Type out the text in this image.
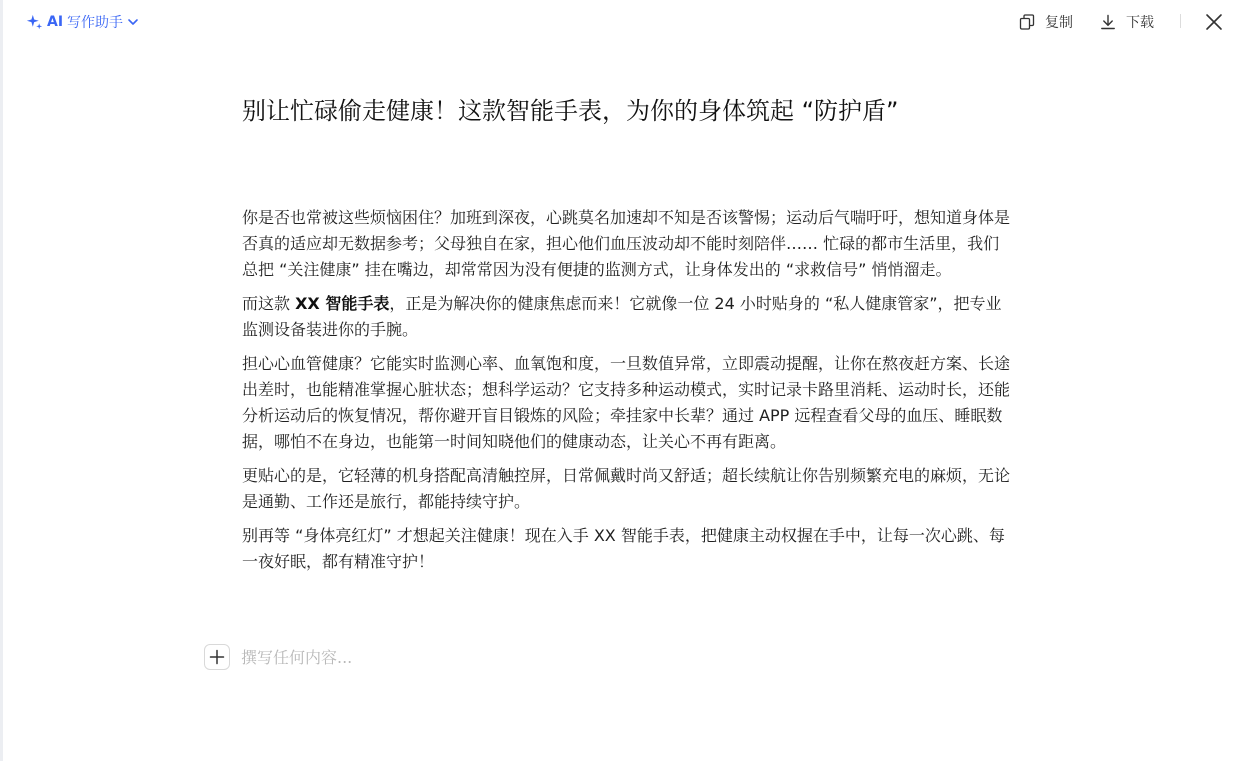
AI 写作助手	复制	下载
别让忙碌偷走健康！这款智能手表，为你的身体筑起 “防护盾”

你是否也常被这些烦恼困住？加班到深夜，心跳莫名加速却不知是否该警惕；运动后气喘吁吁，想知道身体是否真的适应却无数据参考；父母独自在家，担心他们血压波动却不能时刻陪伴…… 忙碌的都市生活里，我们总把 “关注健康” 挂在嘴边，却常常因为没有便捷的监测方式，让身体发出的 “求救信号” 悄悄溜走。

而这款 XX 智能手表，正是为解决你的健康焦虑而来！它就像一位 24 小时贴身的 “私人健康管家”，把专业监测设备装进你的手腕。

担心心血管健康？它能实时监测心率、血氧饱和度，一旦数值异常，立即震动提醒，让你在熬夜赶方案、长途出差时，也能精准掌握心脏状态；想科学运动？它支持多种运动模式，实时记录卡路里消耗、运动时长，还能分析运动后的恢复情况，帮你避开盲目锻炼的风险；牵挂家中长辈？通过 APP 远程查看父母的血压、睡眠数据，哪怕不在身边，也能第一时间知晓他们的健康动态，让关心不再有距离。

更贴心的是，它轻薄的机身搭配高清触控屏，日常佩戴时尚又舒适；超长续航让你告别频繁充电的麻烦，无论是通勤、工作还是旅行，都能持续守护。

别再等 “身体亮红灯” 才想起关注健康！现在入手 XX 智能手表，把健康主动权握在手中，让每一次心跳、每一夜好眠，都有精准守护！

撰写任何内容...
